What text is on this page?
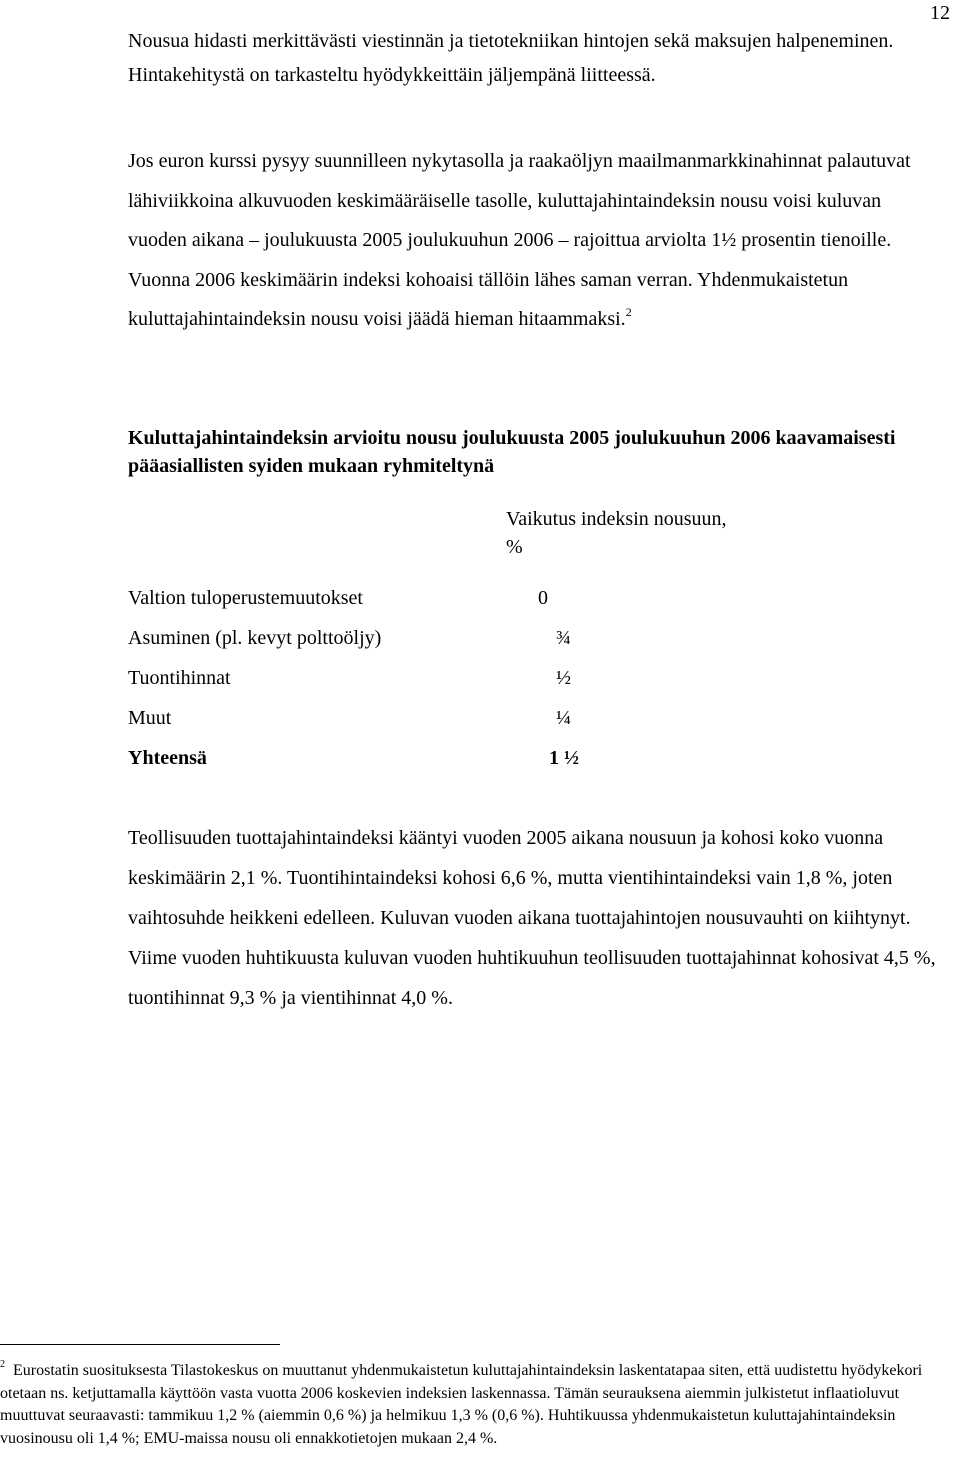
12

Nousua hidasti merkittävästi viestinnän ja tietotekniikan hintojen sekä maksujen halpeneminen. Hintakehitystä on tarkasteltu hyödykkeittäin jäljempänä liitteessä.

Jos euron kurssi pysyy suunnilleen nykytasolla ja raakaöljyn maailmanmarkkinahinnat palautuvat lähiviikkoina alkuvuoden keskimääräiselle tasolle, kuluttajahintaindeksin nousu voisi kuluvan vuoden aikana – joulukuusta 2005 joulukuuhun 2006 – rajoittua arviolta 1½ prosentin tienoille. Vuonna 2006 keskimäärin indeksi kohoaisi tällöin lähes saman verran. Yhdenmukaistetun kuluttajahintaindeksin nousu voisi jäädä hieman hitaammaksi.$^2$

Kuluttajahintaindeksin arvioitu nousu joulukuusta 2005 joulukuuhun 2006 kaavamaisesti pääasiallisten syiden mukaan ryhmiteltynä

Vaikutus indeksin nousuun, %
Valtion tuloperustemuutokset	0
Asuminen (pl. kevyt polttoöljy)	¾
Tuontihinnat	½
Muut	¼
Yhteensä	1 ½

Teollisuuden tuottajahintaindeksi kääntyi vuoden 2005 aikana nousuun ja kohosi koko vuonna keskimäärin 2,1 %. Tuontihintaindeksi kohosi 6,6 %, mutta vientihintaindeksi vain 1,8 %, joten vaihtosuhde heikkeni edelleen. Kuluvan vuoden aikana tuottajahintojen nousuvauhti on kiihtynyt. Viime vuoden huhtikuusta kuluvan vuoden huhtikuuhun teollisuuden tuottajahinnat kohosivat 4,5 %, tuontihinnat 9,3 % ja vientihinnat 4,0 %.

$^2$ Eurostatin suosituksesta Tilastokeskus on muuttanut yhdenmukaistetun kuluttajahintaindeksin laskentatapaa siten, että uudistettu hyödykekori otetaan ns. ketjuttamalla käyttöön vasta vuotta 2006 koskevien indeksien laskennassa. Tämän seurauksena aiemmin julkistetut inflaatioluvut muuttuvat seuraavasti: tammikuu 1,2 % (aiemmin 0,6 %) ja helmikuu 1,3 % (0,6 %). Huhtikuussa yhdenmukaistetun kuluttajahintaindeksin vuosinousu oli 1,4 %; EMU-maissa nousu oli ennakkotietojen mukaan 2,4 %.
